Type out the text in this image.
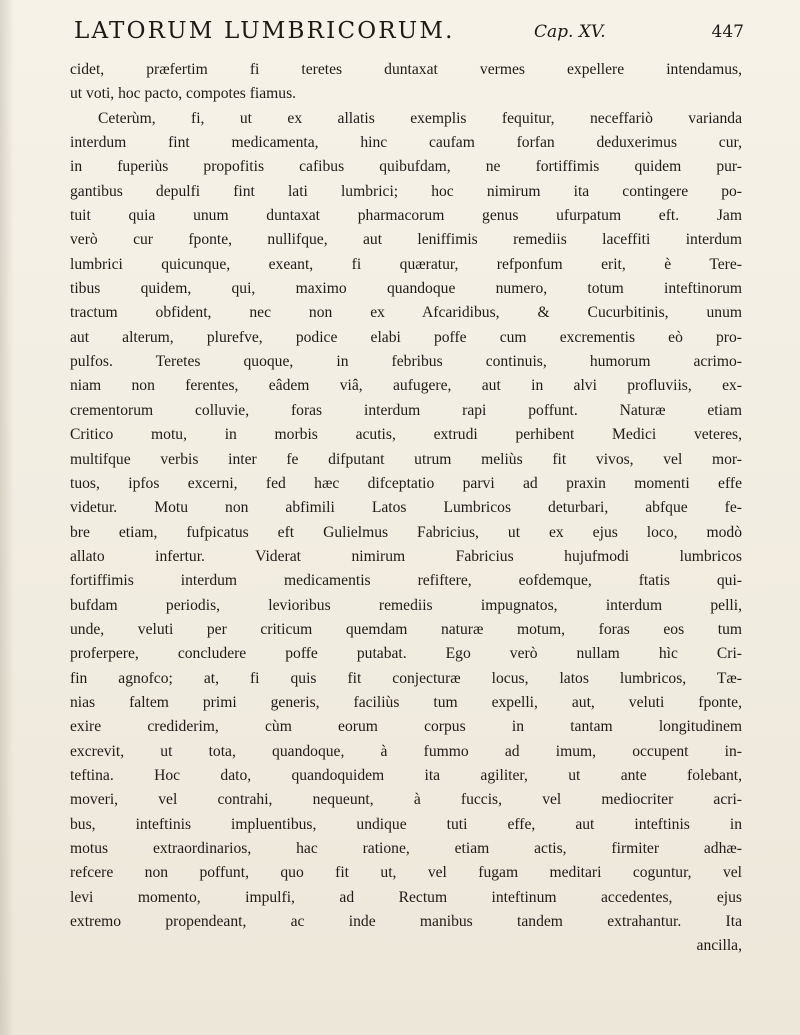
LATORUM LUMBRICORUM.	Cap. XV.	447
cidet, præfertim fi teretes duntaxat vermes expellere intendamus,
ut voti, hoc pacto, compotes fiamus.
Ceterùm, fi, ut ex allatis exemplis fequitur, neceffariò varianda
interdum fint medicamenta, hinc caufam forfan deduxerimus cur,
in fuperiùs propofitis cafibus quibufdam, ne fortiffimis quidem pur-
gantibus depulfi fint lati lumbrici; hoc nimirum ita contingere po-
tuit quia unum duntaxat pharmacorum genus ufurpatum eft. Jam
verò cur fponte, nullifque, aut leniffimis remediis laceffiti interdum
lumbrici quicunque, exeant, fi quæratur, refponfum erit, è Tere-
tibus quidem, qui, maximo quandoque numero, totum inteftinorum
tractum obfident, nec non ex Afcaridibus, & Cucurbitinis, unum
aut alterum, plurefve, podice elabi poffe cum excrementis eò pro-
pulfos. Teretes quoque, in febribus continuis, humorum acrimo-
niam non ferentes, eâdem viâ, aufugere, aut in alvi profluviis, ex-
crementorum colluvie, foras interdum rapi poffunt. Naturæ etiam
Critico motu, in morbis acutis, extrudi perhibent Medici veteres,
multifque verbis inter fe difputant utrum meliùs fit vivos, vel mor-
tuos, ipfos excerni, fed hæc difceptatio parvi ad praxin momenti effe
videtur. Motu non abfimili Latos Lumbricos deturbari, abfque fe-
bre etiam, fufpicatus eft Gulielmus Fabricius, ut ex ejus loco, modò
allato infertur. Viderat nimirum Fabricius hujufmodi lumbricos
fortiffimis interdum medicamentis refiftere, eofdemque, ftatis qui-
bufdam periodis, levioribus remediis impugnatos, interdum pelli,
unde, veluti per criticum quemdam naturæ motum, foras eos tum
proferpere, concludere poffe putabat. Ego verò nullam hìc Cri-
fin agnofco; at, fi quis fit conjecturæ locus, latos lumbricos, Tæ-
nias faltem primi generis, faciliùs tum expelli, aut, veluti fponte,
exire crediderim, cùm eorum corpus in tantam longitudinem
excrevit, ut tota, quandoque, à fummo ad imum, occupent in-
teftina. Hoc dato, quandoquidem ita agiliter, ut ante folebant,
moveri, vel contrahi, nequeunt, à fuccis, vel mediocriter acri-
bus, inteftinis impluentibus, undique tuti effe, aut inteftinis in
motus extraordinarios, hac ratione, etiam actis, firmiter adhæ-
refcere non poffunt, quo fit ut, vel fugam meditari coguntur, vel
levi momento, impulfi, ad Rectum inteftinum accedentes, ejus
extremo propendeant, ac inde manibus tandem extrahantur. Ita
ancilla,
